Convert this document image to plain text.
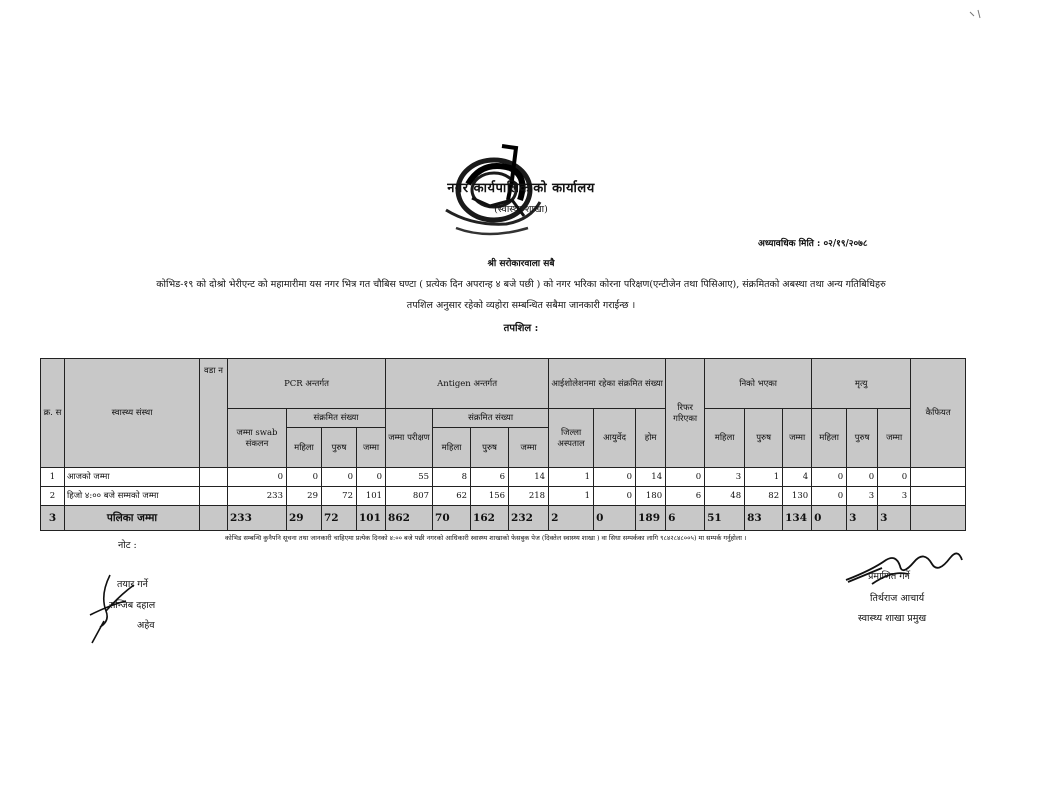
नगर कार्यपालिकाको कार्यालय
(स्वास्थ्य शाखा)
अध्यावधिक मिति : ०२/१९/२०७८
श्री सरोकारवाला सबै
कोभिड-१९ को दोश्रो भेरीएन्ट को महामारीमा यस नगर भित्र गत चौबिस घण्टा ( प्रत्येक दिन अपरान्ह ४ बजे पछी ) को नगर भरिका कोरना परिक्षण(एन्टीजेन तथा पिसिआए), संक्रमितको अबस्था तथा अन्य गतिबिधिहरु
तपशिल अनुसार रहेको व्यहोरा सम्बन्धित सबैमा जानकारी गराईन्छ ।
तपशिल :
क्र. स	स्वास्थ्य संस्था	वडा न	PCR अन्तर्गत				Antigen अन्तर्गत				आईशोलेशनमा रहेका संक्रमित संख्या			रिफर गरिएका	निको भएका			मृत्यु			कैफियत
			जम्मा swab संकलन	संक्रमित संख्या			जम्मा परीक्षण	संक्रमित संख्या			जिल्ला अस्पताल	आयुर्वेद	होम		महिला	पुरुष	जम्मा	महिला	पुरुष	जम्मा	
				महिला	पुरुष	जम्मा		महिला	पुरुष	जम्मा											
1	आजको जम्मा		0	0	0	0	55	8	6	14	1	0	14	0	3	1	4	0	0	0	
2	हिजो ४:०० बजे सम्मको जम्मा		233	29	72	101	807	62	156	218	1	0	180	6	48	82	130	0	3	3	
3	पलिका जम्मा		233	29	72	101	862	70	162	232	2	0	189	6	51	83	134	0	3	3	
नोट :
कोभिड सम्बन्धि कुनैपनि सूचना तथा जानकारी चाहिएमा प्रत्येक दिनको ४:०० बजे पछी नगरको आधिकारी स्वास्थ्य शाखाको फेसबुक पेज (दिक्तेल स्वास्थ्य शाखा ) वा सिधा सम्पर्कका लागि ९८४२८४८००५) मा सम्पर्क गर्नुहोला ।
तयार गर्ने
सन्जिब दहाल
अहेव
प्रमाणित गर्ने
तिर्थराज आचार्य
स्वास्थ्य शाखा प्रमुख
